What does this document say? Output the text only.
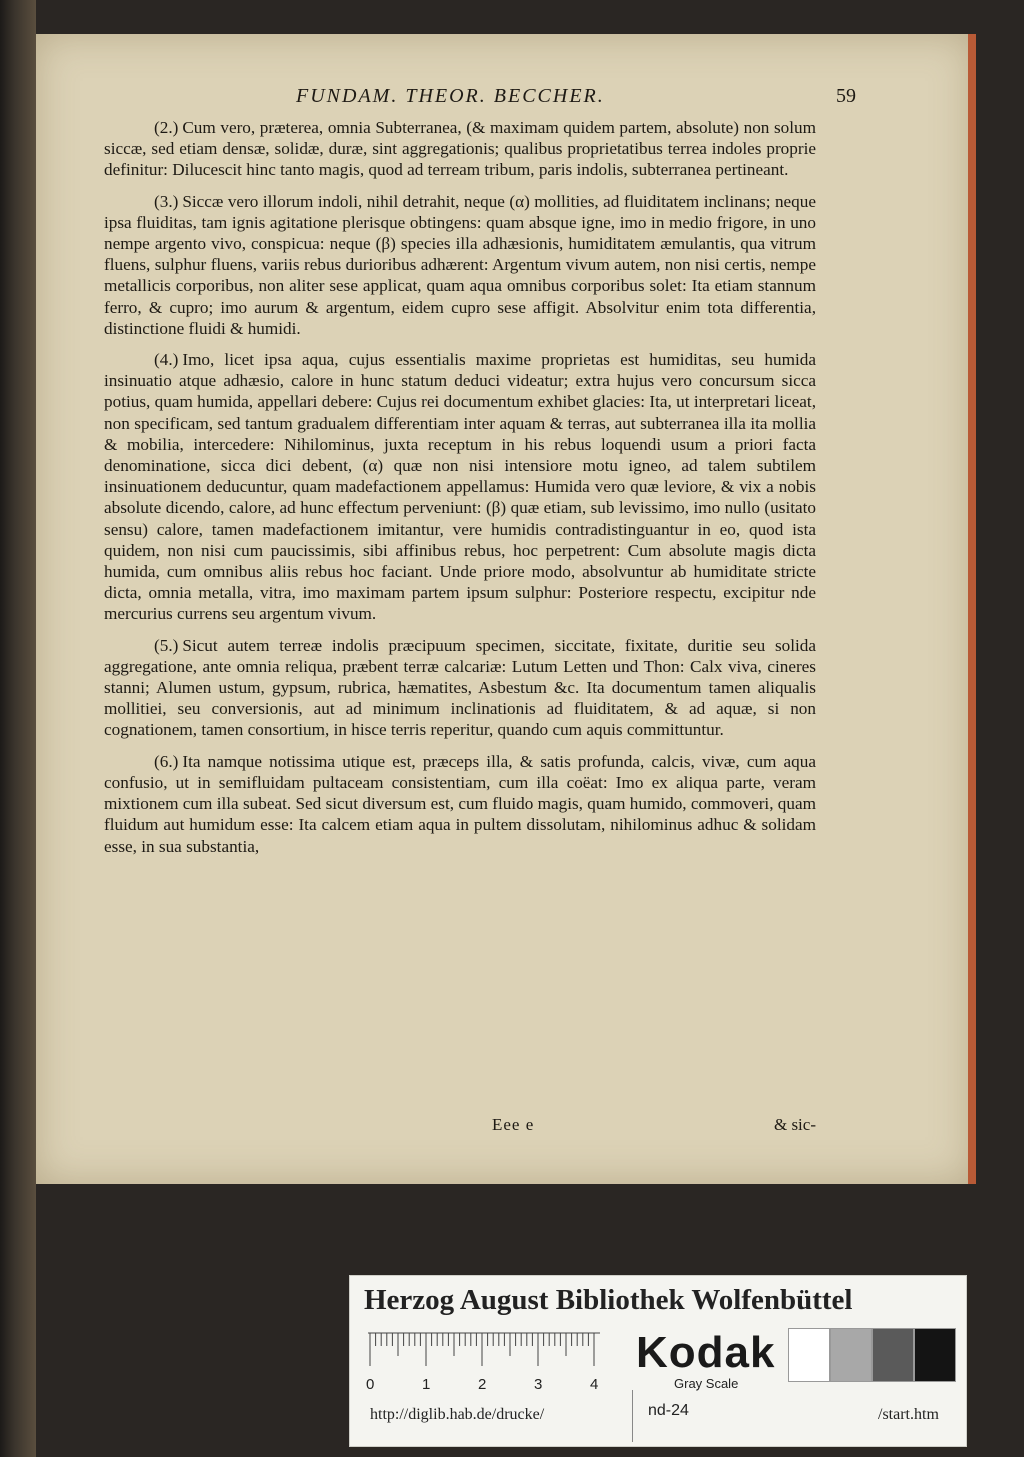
FUNDAM. THEOR. BECCHER.	59

(2.) Cum vero, præterea, omnia Subterranea, (& maximam quidem partem, absolute) non solum siccæ, sed etiam densæ, solidæ, duræ, sint aggregationis; qualibus proprietatibus terrea indoles proprie definitur: Dilucescit hinc tanto magis, quod ad terream tribum, paris indolis, subterranea pertineant.

(3.) Siccæ vero illorum indoli, nihil detrahit, neque (α) mollities, ad fluiditatem inclinans; neque ipsa fluiditas, tam ignis agitatione plerisque obtingens: quam absque igne, imo in medio frigore, in uno nempe argento vivo, conspicua: neque (β) species illa adhæsionis, humiditatem æmulantis, qua vitrum fluens, sulphur fluens, variis rebus durioribus adhærent: Argentum vivum autem, non nisi certis, nempe metallicis corporibus, non aliter sese applicat, quam aqua omnibus corporibus solet: Ita etiam stannum ferro, & cupro; imo aurum & argentum, eidem cupro sese affigit. Absolvitur enim tota differentia, distinctione fluidi & humidi.

(4.) Imo, licet ipsa aqua, cujus essentialis maxime proprietas est humiditas, seu humida insinuatio atque adhæsio, calore in hunc statum deduci videatur; extra hujus vero concursum sicca potius, quam humida, appellari debere: Cujus rei documentum exhibet glacies: Ita, ut interpretari liceat, non specificam, sed tantum gradualem differentiam inter aquam & terras, aut subterranea illa ita mollia & mobilia, intercedere: Nihilominus, juxta receptum in his rebus loquendi usum a priori facta denominatione, sicca dici debent, (α) quæ non nisi intensiore motu igneo, ad talem subtilem insinuationem deducuntur, quam madefactionem appellamus: Humida vero quæ leviore, & vix a nobis absolute dicendo, calore, ad hunc effectum perveniunt: (β) quæ etiam, sub levissimo, imo nullo (usitato sensu) calore, tamen madefactionem imitantur, vere humidis contradistinguantur in eo, quod ista quidem, non nisi cum paucissimis, sibi affinibus rebus, hoc perpetrent: Cum absolute magis dicta humida, cum omnibus aliis rebus hoc faciant. Unde priore modo, absolvuntur ab humiditate stricte dicta, omnia metalla, vitra, imo maximam partem ipsum sulphur: Posteriore respectu, excipitur nde mercurius currens seu argentum vivum.

(5.) Sicut autem terreæ indolis præcipuum specimen, siccitate, fixitate, duritie seu solida aggregatione, ante omnia reliqua, præbent terræ calcariæ: Lutum Letten und Thon: Calx viva, cineres stanni; Alumen ustum, gypsum, rubrica, hæmatites, Asbestum &c. Ita documentum tamen aliqualis mollitiei, seu conversionis, aut ad minimum inclinationis ad fluiditatem, & ad aquæ, si non cognationem, tamen consortium, in hisce terris reperitur, quando cum aquis committuntur.

(6.) Ita namque notissima utique est, præceps illa, & satis profunda, calcis, vivæ, cum aqua confusio, ut in semifluidam pultaceam consistentiam, cum illa coëat: Imo ex aliqua parte, veram mixtionem cum illa subeat. Sed sicut diversum est, cum fluido magis, quam humido, commoveri, quam fluidum aut humidum esse: Ita calcem etiam aqua in pultem dissolutam, nihilominus adhuc & solidam esse, in sua substantia,

Eee e	& sic-
Herzog August Bibliothek Wolfenbüttel
0	1	2	3	4
Kodak
Gray Scale
http://diglib.hab.de/drucke/	nd-24	/start.htm
